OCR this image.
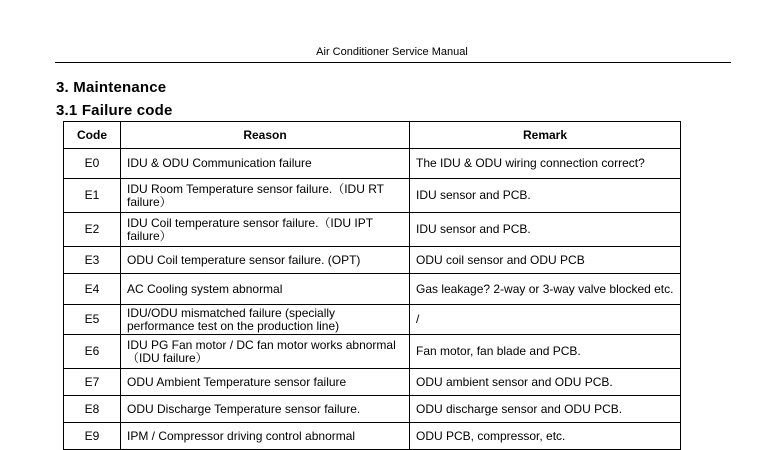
Air Conditioner Service Manual
3. Maintenance
3.1 Failure code
Code	Reason	Remark
E0	IDU & ODU Communication failure	The IDU & ODU wiring connection correct?
E1	IDU Room Temperature sensor failure.（IDU RT failure）	IDU sensor and PCB.
E2	IDU Coil temperature sensor failure.（IDU IPT failure）	IDU sensor and PCB.
E3	ODU Coil temperature sensor failure. (OPT)	ODU coil sensor and ODU PCB
E4	AC Cooling system abnormal	Gas leakage? 2-way or 3-way valve blocked etc.
E5	IDU/ODU mismatched failure (specially performance test on the production line)	/
E6	IDU PG Fan motor / DC fan motor works abnormal（IDU failure）	Fan motor, fan blade and PCB.
E7	ODU Ambient Temperature sensor failure	ODU ambient sensor and ODU PCB.
E8	ODU Discharge Temperature sensor failure.	ODU discharge sensor and ODU PCB.
E9	IPM / Compressor driving control abnormal	ODU PCB, compressor, etc.
